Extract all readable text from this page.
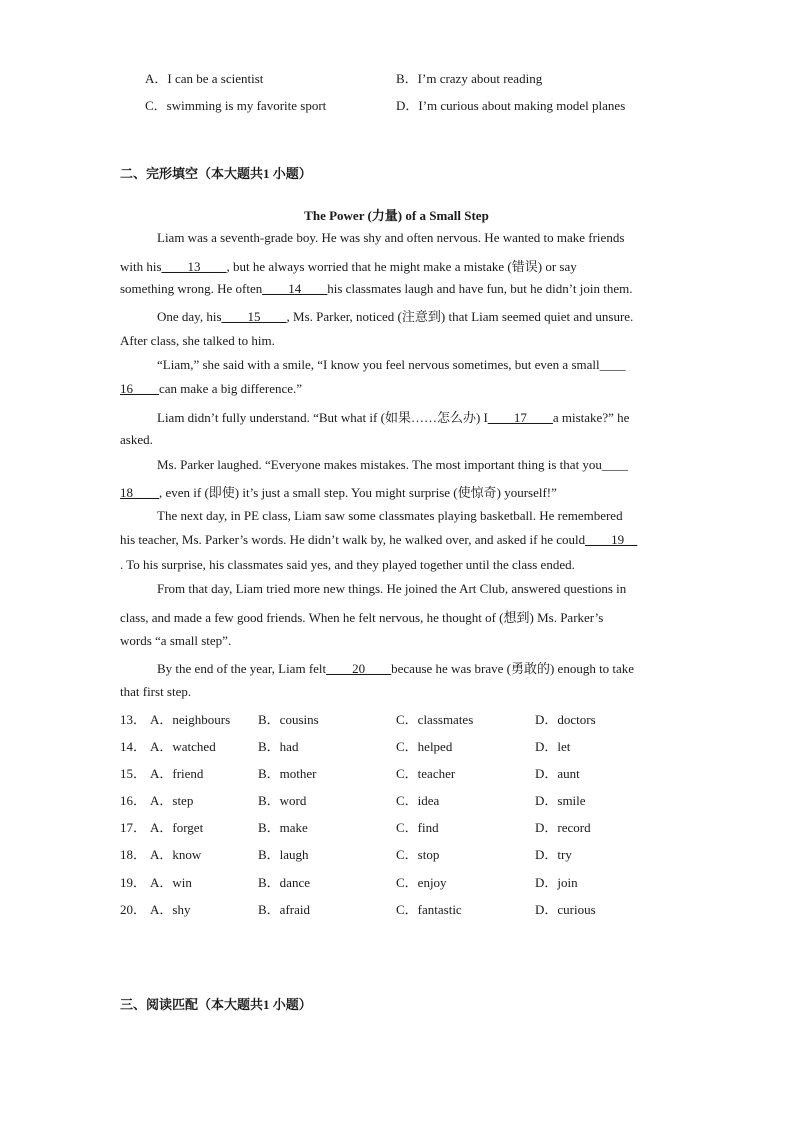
A．I can be a scientist	B．I’m crazy about reading
C．swimming is my favorite sport	D．I’m curious about making model planes
二、完形填空（本大题共1 小题）
The Power (力量) of a Small Step
Liam was a seventh-grade boy. He was shy and often nervous. He wanted to make friends
with his____13____, but he always worried that he might make a mistake (错误) or say
something wrong. He often____14____his classmates laugh and have fun, but he didn’t join them.
One day, his____15____, Ms. Parker, noticed (注意到) that Liam seemed quiet and unsure.
After class, she talked to him.
“Liam,” she said with a smile, “I know you feel nervous sometimes, but even a small____
16____can make a big difference.”
Liam didn’t fully understand. “But what if (如果……怎么办) I____17____a mistake?” he
asked.
Ms. Parker laughed. “Everyone makes mistakes. The most important thing is that you____
18____, even if (即使) it’s just a small step. You might surprise (使惊奇) yourself!”
The next day, in PE class, Liam saw some classmates playing basketball. He remembered
his teacher, Ms. Parker’s words. He didn’t walk by, he walked over, and asked if he could____19__
. To his surprise, his classmates said yes, and they played together until the class ended.
From that day, Liam tried more new things. He joined the Art Club, answered questions in
class, and made a few good friends. When he felt nervous, he thought of (想到) Ms. Parker’s
words “a small step”.
By the end of the year, Liam felt____20____because he was brave (勇敢的) enough to take
that first step.
13． A．neighbours B．cousins	C．classmates	D．doctors
14． A．watched	B．had	C．helped	D．let
15． A．friend	B．mother	C．teacher	D．aunt
16． A．step	B．word	C．idea	D．smile
17． A．forget	B．make	C．find	D．record
18． A．know	B．laugh	C．stop	D．try
19． A．win	B．dance	C．enjoy	D．join
20． A．shy	B．afraid	C．fantastic	D．curious
三、阅读匹配（本大题共1 小题）
